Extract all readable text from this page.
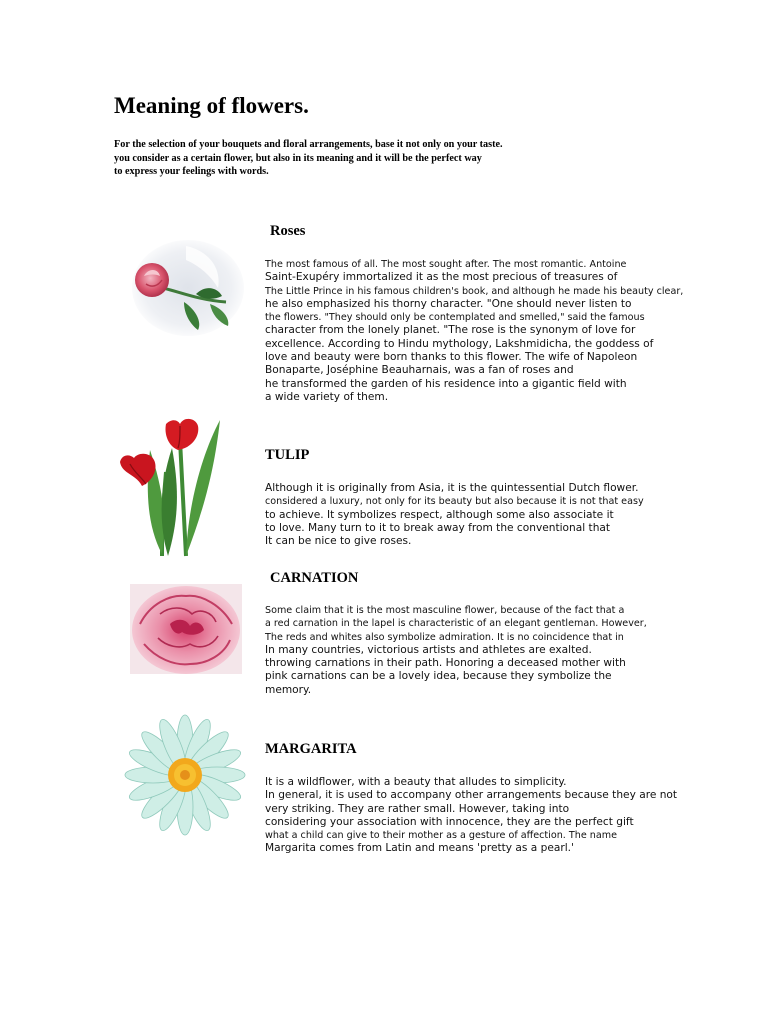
Meaning of flowers.
For the selection of your bouquets and floral arrangements, base it not only on your taste.
you consider as a certain flower, but also in its meaning and it will be the perfect way
to express your feelings with words.
Roses
The most famous of all. The most sought after. The most romantic. Antoine
Saint-Exupéry immortalized it as the most precious of treasures of
The Little Prince in his famous children's book, and although he made his beauty clear,
he also emphasized his thorny character. "One should never listen to
the flowers. "They should only be contemplated and smelled," said the famous
character from the lonely planet. "The rose is the synonym of love for
excellence. According to Hindu mythology, Lakshmidicha, the goddess of
love and beauty were born thanks to this flower. The wife of Napoleon
Bonaparte, Joséphine Beauharnais, was a fan of roses and
he transformed the garden of his residence into a gigantic field with
a wide variety of them.
TULIP
Although it is originally from Asia, it is the quintessential Dutch flower.
considered a luxury, not only for its beauty but also because it is not that easy
to achieve. It symbolizes respect, although some also associate it
to love. Many turn to it to break away from the conventional that
It can be nice to give roses.
CARNATION
Some claim that it is the most masculine flower, because of the fact that a
a red carnation in the lapel is characteristic of an elegant gentleman. However,
The reds and whites also symbolize admiration. It is no coincidence that in
In many countries, victorious artists and athletes are exalted.
throwing carnations in their path. Honoring a deceased mother with
pink carnations can be a lovely idea, because they symbolize the
memory.
MARGARITA
It is a wildflower, with a beauty that alludes to simplicity.
In general, it is used to accompany other arrangements because they are not
very striking. They are rather small. However, taking into
considering your association with innocence, they are the perfect gift
what a child can give to their mother as a gesture of affection. The name
Margarita comes from Latin and means 'pretty as a pearl.'
